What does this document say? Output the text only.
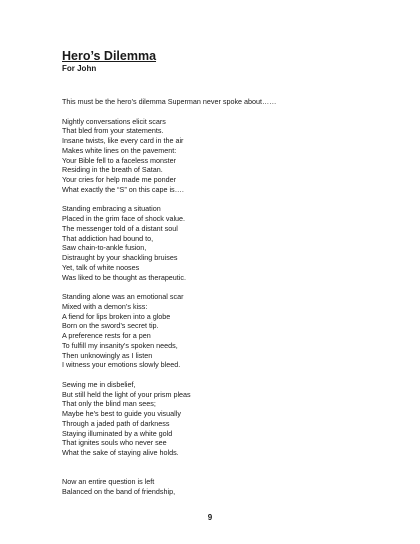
Hero’s Dilemma
For John
This must be the hero’s dilemma Superman never spoke about……
Nightly conversations elicit scars
That bled from your statements.
Insane twists, like every card in the air
Makes white lines on the pavement:
Your Bible fell to a faceless monster
Residing in the breath of Satan.
Your cries for help made me ponder
What exactly the “S” on this cape is….
Standing embracing a situation
Placed in the grim face of shock value.
The messenger told of a distant soul
That addiction had bound to,
Saw chain-to-ankle fusion,
Distraught by your shackling bruises
Yet, talk of white nooses
Was liked to be thought as therapeutic.
Standing alone was an emotional scar
Mixed with a demon’s kiss:
A fiend for lips broken into a globe
Born on the sword’s secret tip.
A preference rests for a pen
To fulfill my insanity’s spoken needs,
Then unknowingly as I listen
I witness your emotions slowly bleed.
Sewing me in disbelief,
But still held the light of your prism pleas
That only the blind man sees;
Maybe he’s best to guide you visually
Through a jaded path of darkness
Staying illuminated by a white gold
That ignites souls who never see
What the sake of staying alive holds.
Now an entire question is left
Balanced on the band of friendship,
9
